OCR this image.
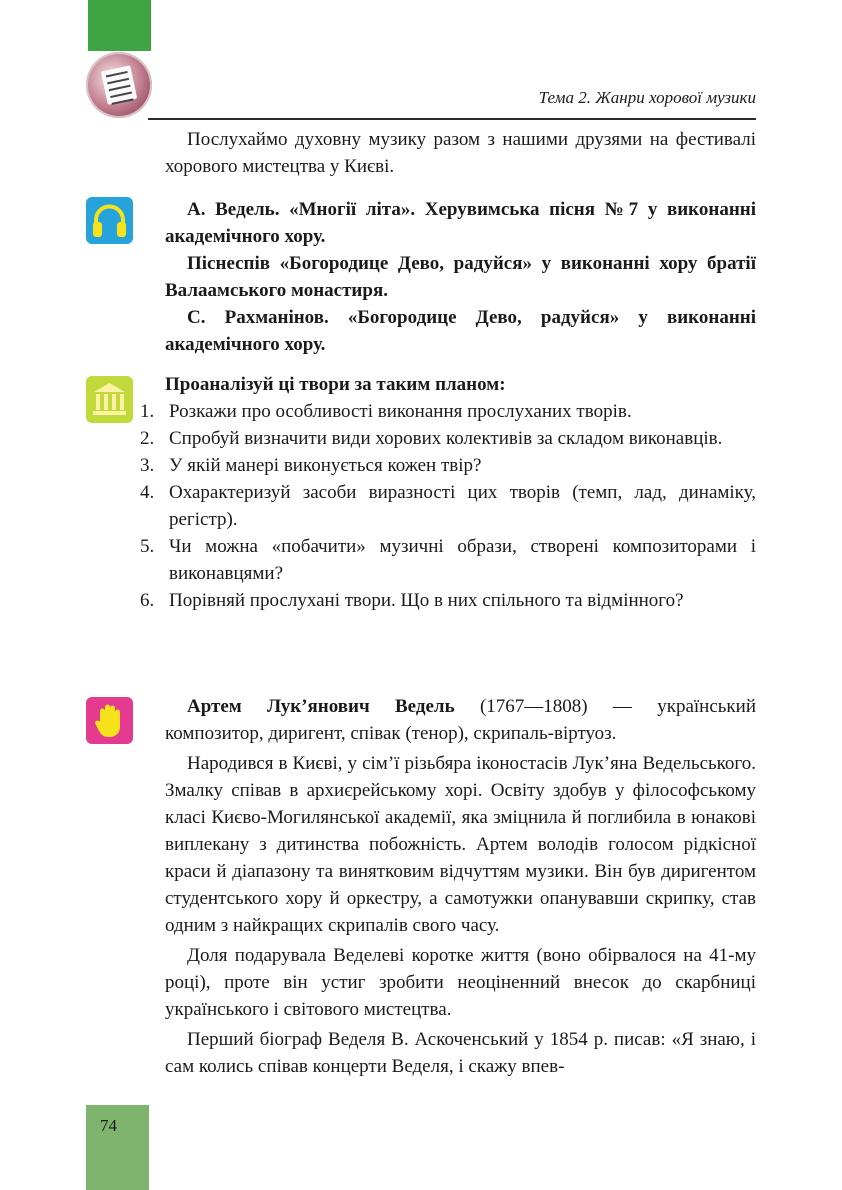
Тема 2. Жанри хорової музики

Послухаймо духовну музику разом з нашими друзями на фестивалі хорового мистецтва у Києві.

А. Ведель. «Многії літа». Херувимська пісня №7 у виконанні академічного хору.

Піснеспів «Богородице Дево, радуйся» у виконанні хору братії Валаамського монастиря.

С. Рахманінов. «Богородице Дево, радуйся» у виконанні академічного хору.

Проаналізуй ці твори за таким планом:
1. Розкажи про особливості виконання прослуханих творів.
2. Спробуй визначити види хорових колективів за складом виконавців.
3. У якій манері виконується кожен твір?
4. Охарактеризуй засоби виразності цих творів (темп, лад, динаміку, регістр).
5. Чи можна «побачити» музичні образи, створені композиторами і виконавцями?
6. Порівняй прослухані твори. Що в них спільного та відмінного?

Артем Лук’янович Ведель (1767—1808) — український композитор, диригент, співак (тенор), скрипаль-віртуоз.

Народився в Києві, у сім’ї різьбяра іконостасів Лук’яна Ведельського. Змалку співав в архиєрейському хорі. Освіту здобув у філософському класі Києво-Могилянської академії, яка зміцнила й поглибила в юнакові виплекану з дитинства побожність. Артем володів голосом рідкісної краси й діапазону та винятковим відчуттям музики. Він був диригентом студентського хору й оркестру, а самотужки опанувавши скрипку, став одним з найкращих скрипалів свого часу.

Доля подарувала Веделеві коротке життя (воно обірвалося на 41-му році), проте він устиг зробити неоціненний внесок до скарбниці українського і світового мистецтва.

Перший біограф Веделя В. Аскоченський у 1854 р. писав: «Я знаю, і сам колись співав концерти Веделя, і скажу впев-

74
